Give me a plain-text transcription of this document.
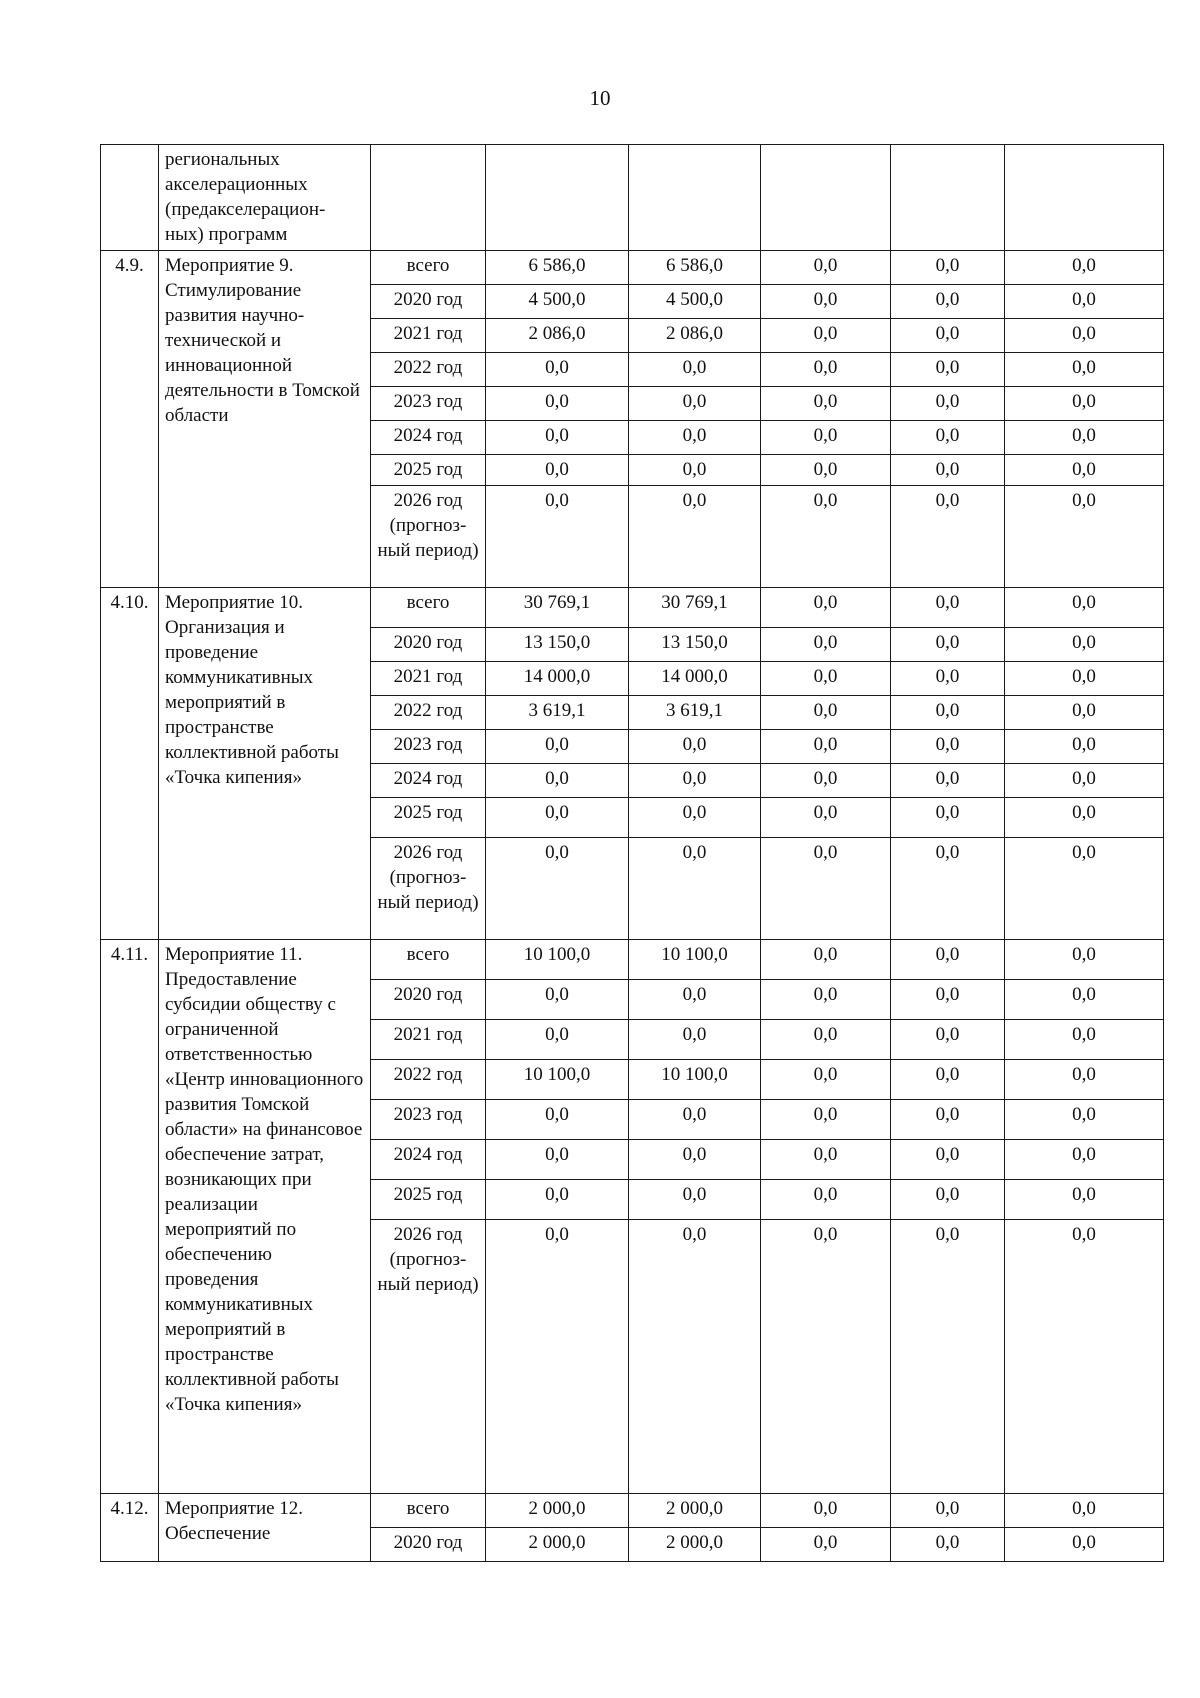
10
	региональных акселерационных (предакселерацион-ных) программ						
4.9.	Мероприятие 9. Стимулирование развития научно-технической и инновационной деятельности в Томской области	всего	6 586,0	6 586,0	0,0	0,0	0,0
		2020 год	4 500,0	4 500,0	0,0	0,0	0,0
		2021 год	2 086,0	2 086,0	0,0	0,0	0,0
		2022 год	0,0	0,0	0,0	0,0	0,0
		2023 год	0,0	0,0	0,0	0,0	0,0
		2024 год	0,0	0,0	0,0	0,0	0,0
		2025 год	0,0	0,0	0,0	0,0	0,0
		2026 год (прогноз-ный период)	0,0	0,0	0,0	0,0	0,0
4.10.	Мероприятие 10. Организация и проведение коммуникативных мероприятий в пространстве коллективной работы «Точка кипения»	всего	30 769,1	30 769,1	0,0	0,0	0,0
		2020 год	13 150,0	13 150,0	0,0	0,0	0,0
		2021 год	14 000,0	14 000,0	0,0	0,0	0,0
		2022 год	3 619,1	3 619,1	0,0	0,0	0,0
		2023 год	0,0	0,0	0,0	0,0	0,0
		2024 год	0,0	0,0	0,0	0,0	0,0
		2025 год	0,0	0,0	0,0	0,0	0,0
		2026 год (прогноз-ный период)	0,0	0,0	0,0	0,0	0,0
4.11.	Мероприятие 11. Предоставление субсидии обществу с ограниченной ответственностью «Центр инновационного развития Томской области» на финансовое обеспечение затрат, возникающих при реализации мероприятий по обеспечению проведения коммуникативных мероприятий в пространстве коллективной работы «Точка кипения»	всего	10 100,0	10 100,0	0,0	0,0	0,0
		2020 год	0,0	0,0	0,0	0,0	0,0
		2021 год	0,0	0,0	0,0	0,0	0,0
		2022 год	10 100,0	10 100,0	0,0	0,0	0,0
		2023 год	0,0	0,0	0,0	0,0	0,0
		2024 год	0,0	0,0	0,0	0,0	0,0
		2025 год	0,0	0,0	0,0	0,0	0,0
		2026 год (прогноз-ный период)	0,0	0,0	0,0	0,0	0,0
4.12.	Мероприятие 12. Обеспечение	всего	2 000,0	2 000,0	0,0	0,0	0,0
		2020 год	2 000,0	2 000,0	0,0	0,0	0,0
